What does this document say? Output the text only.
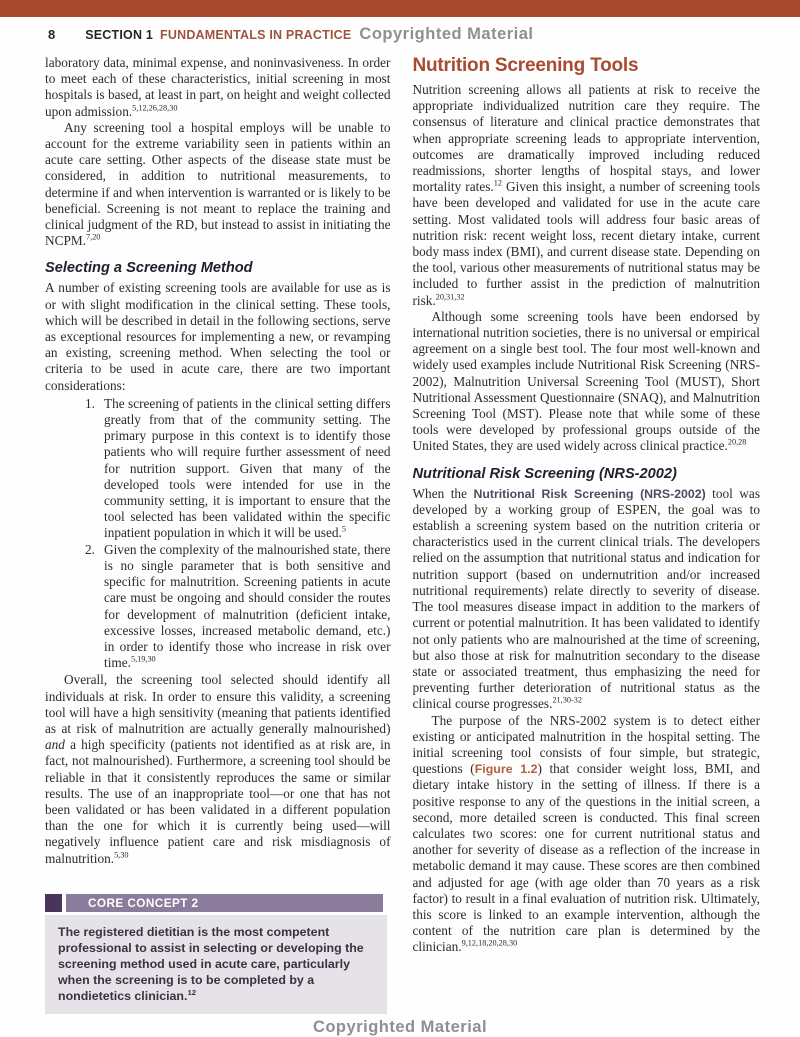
8 SECTION 1 FUNDAMENTALS IN PRACTICE Copyrighted Material

laboratory data, minimal expense, and noninvasiveness. In order to meet each of these characteristics, initial screening in most hospitals is based, at least in part, on height and weight collected upon admission.$^{5,12,26,28,30}$

Any screening tool a hospital employs will be unable to account for the extreme variability seen in patients within an acute care setting. Other aspects of the disease state must be considered, in addition to nutritional measurements, to determine if and when intervention is warranted or is likely to be beneficial. Screening is not meant to replace the training and clinical judgment of the RD, but instead to assist in initiating the NCPM.$^{7,20}$

Selecting a Screening Method

A number of existing screening tools are available for use as is or with slight modification in the clinical setting. These tools, which will be described in detail in the following sections, serve as exceptional resources for implementing a new, or revamping an existing, screening method. When selecting the tool or criteria to be used in acute care, there are two important considerations:

1. The screening of patients in the clinical setting differs greatly from that of the community setting. The primary purpose in this context is to identify those patients who will require further assessment of need for nutrition support. Given that many of the developed tools were intended for use in the community setting, it is important to ensure that the tool selected has been validated within the specific inpatient population in which it will be used.$^5$

2. Given the complexity of the malnourished state, there is no single parameter that is both sensitive and specific for malnutrition. Screening patients in acute care must be ongoing and should consider the routes for development of malnutrition (deficient intake, excessive losses, increased metabolic demand, etc.) in order to identify those who increase in risk over time.$^{5,19,30}$

Overall, the screening tool selected should identify all individuals at risk. In order to ensure this validity, a screening tool will have a high sensitivity (meaning that patients identified as at risk of malnutrition are actually generally malnourished) and a high specificity (patients not identified as at risk are, in fact, not malnourished). Furthermore, a screening tool should be reliable in that it consistently reproduces the same or similar results. The use of an inappropriate tool—or one that has not been validated or has been validated in a different population than the one for which it is currently being used—will negatively influence patient care and risk misdiagnosis of malnutrition.$^{5,30}$

CORE CONCEPT 2

The registered dietitian is the most competent professional to assist in selecting or developing the screening method used in acute care, particularly when the screening is to be completed by a nondietetics clinician.$^{12}$

Nutrition Screening Tools

Nutrition screening allows all patients at risk to receive the appropriate individualized nutrition care they require. The consensus of literature and clinical practice demonstrates that when appropriate screening leads to appropriate intervention, outcomes are dramatically improved including reduced readmissions, shorter lengths of hospital stays, and lower mortality rates.$^{12}$ Given this insight, a number of screening tools have been developed and validated for use in the acute care setting. Most validated tools will address four basic areas of nutrition risk: recent weight loss, recent dietary intake, current body mass index (BMI), and current disease state. Depending on the tool, various other measurements of nutritional status may be included to further assist in the prediction of malnutrition risk.$^{20,31,32}$

Although some screening tools have been endorsed by international nutrition societies, there is no universal or empirical agreement on a single best tool. The four most well-known and widely used examples include Nutritional Risk Screening (NRS-2002), Malnutrition Universal Screening Tool (MUST), Short Nutritional Assessment Questionnaire (SNAQ), and Malnutrition Screening Tool (MST). Please note that while some of these tools were developed by professional groups outside of the United States, they are used widely across clinical practice.$^{20,28}$

Nutritional Risk Screening (NRS-2002)

When the Nutritional Risk Screening (NRS-2002) tool was developed by a working group of ESPEN, the goal was to establish a screening system based on the nutrition criteria or characteristics used in the current clinical trials. The developers relied on the assumption that nutritional status and indication for nutrition support (based on undernutrition and/or increased nutritional requirements) relate directly to severity of disease. The tool measures disease impact in addition to the markers of current or potential malnutrition. It has been validated to identify not only patients who are malnourished at the time of screening, but also those at risk for malnutrition secondary to the disease state or associated treatment, thus emphasizing the need for preventing further deterioration of nutritional status as the clinical course progresses.$^{21,30-32}$

The purpose of the NRS-2002 system is to detect either existing or anticipated malnutrition in the hospital setting. The initial screening tool consists of four simple, but strategic, questions (Figure 1.2) that consider weight loss, BMI, and dietary intake history in the setting of illness. If there is a positive response to any of the questions in the initial screen, a second, more detailed screen is conducted. This final screen calculates two scores: one for current nutritional status and another for severity of disease as a reflection of the increase in metabolic demand it may cause. These scores are then combined and adjusted for age (with age older than 70 years as a risk factor) to result in a final evaluation of nutrition risk. Ultimately, this score is linked to an example intervention, although the content of the nutrition care plan is determined by the clinician.$^{9,12,18,20,28,30}$

Copyrighted Material
